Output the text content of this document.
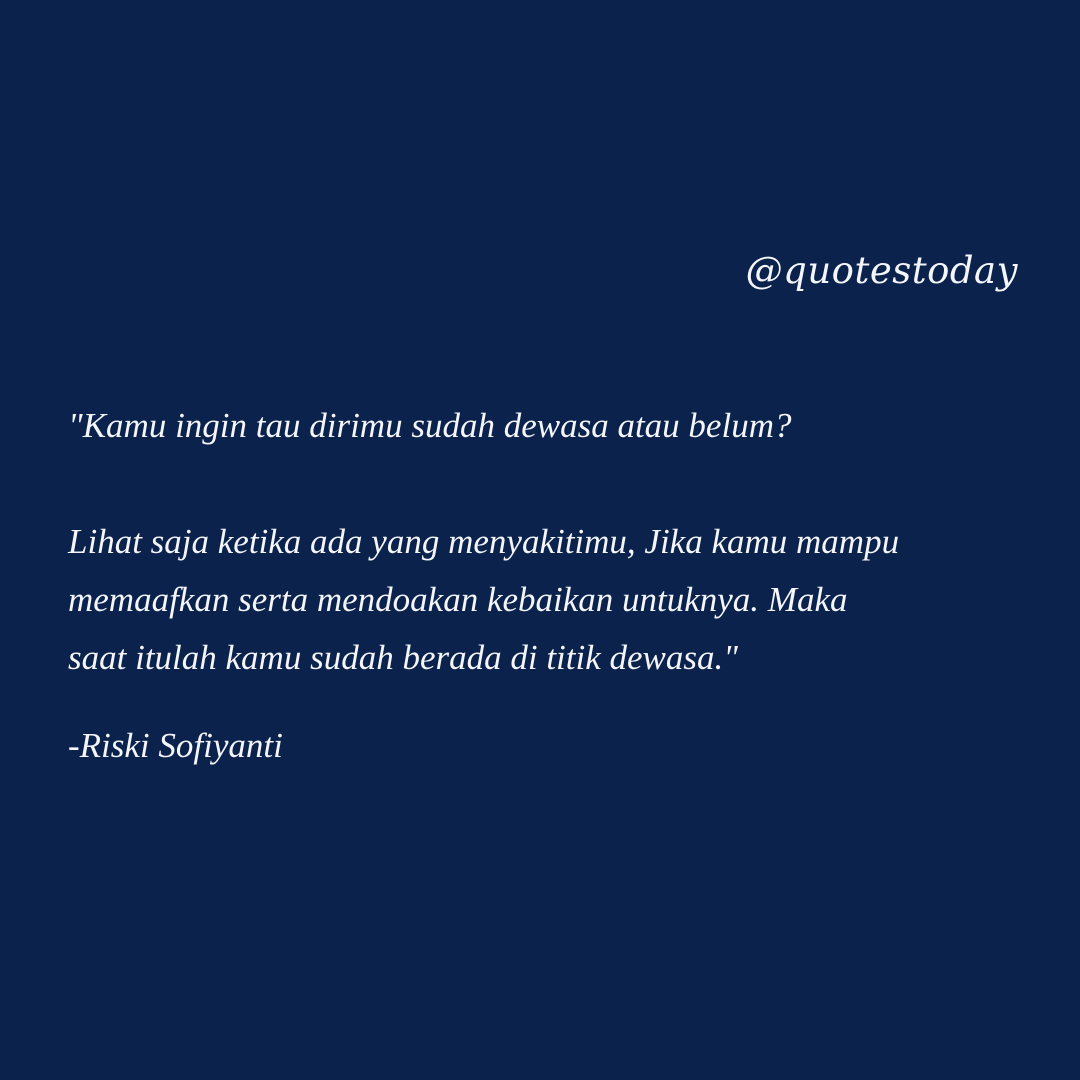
@quotestoday
"Kamu ingin tau dirimu sudah dewasa atau belum?
Lihat saja ketika ada yang menyakitimu, Jika kamu mampu
memaafkan serta mendoakan kebaikan untuknya. Maka
saat itulah kamu sudah berada di titik dewasa."
-Riski Sofiyanti
